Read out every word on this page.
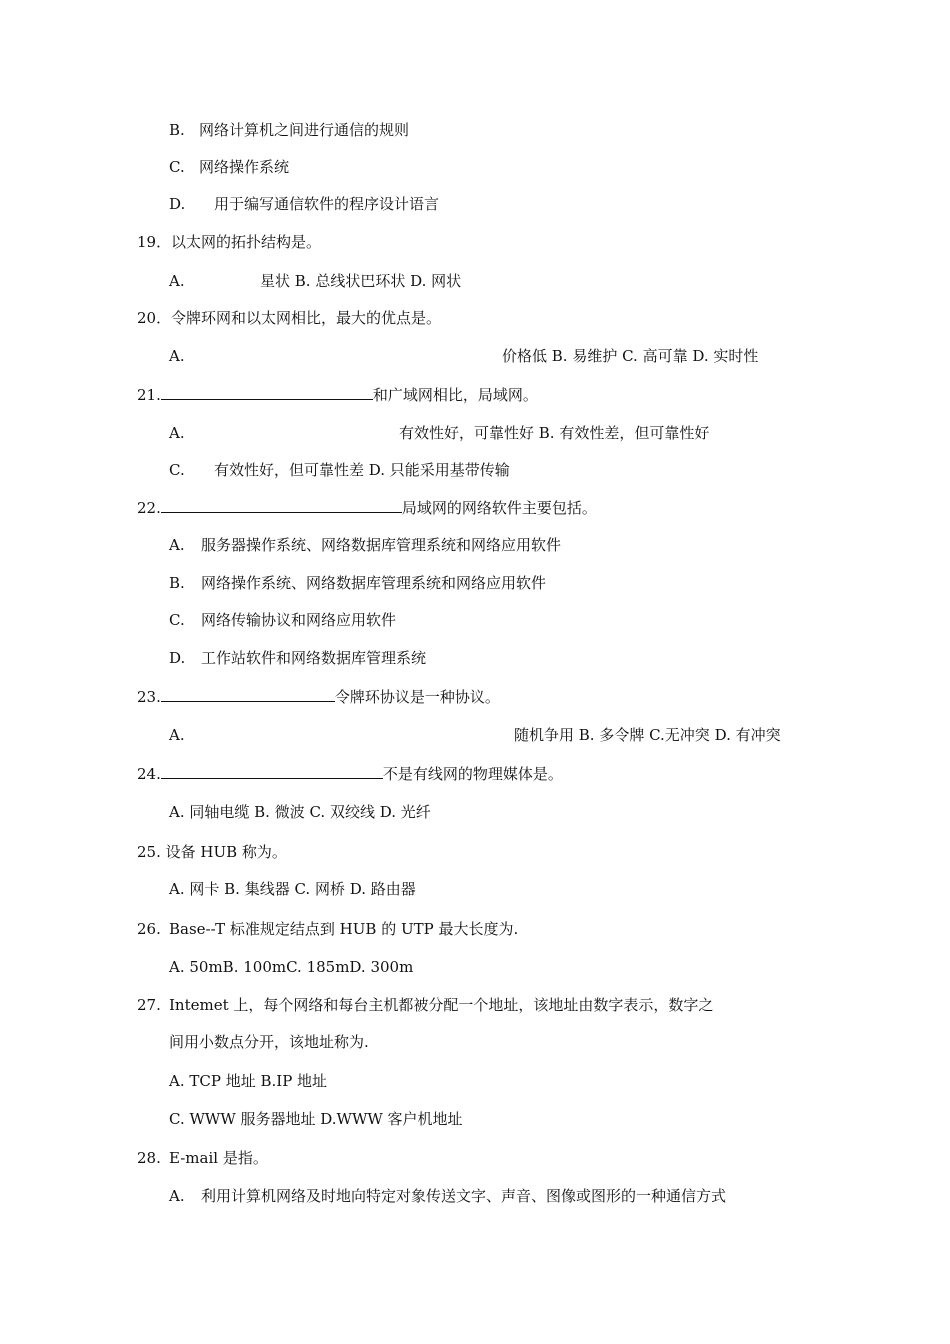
B. 网络计算机之间进行通信的规则
C. 网络操作系统
D. 用于编写通信软件的程序设计语言
19．以太网的拓扑结构是。
A.	星状 B. 总线状巴环状 D. 网状
20．令牌环网和以太网相比，最大的优点是。
A.	价格低 B. 易维护 C. 高可靠 D. 实时性
21.	和广域网相比，局域网。
A.	有效性好，可靠性好 B. 有效性差，但可靠性好
C. 有效性好，但可靠性差 D. 只能采用基带传输
22.	局域网的网络软件主要包括。
A. 服务器操作系统、网络数据库管理系统和网络应用软件
B. 网络操作系统、网络数据库管理系统和网络应用软件
C. 网络传输协议和网络应用软件
D. 工作站软件和网络数据库管理系统
23.	令牌环协议是一种协议。
A.	随机争用 B. 多令牌 C.无冲突 D. 有冲突
24.	不是有线网的物理媒体是。
A. 同轴电缆 B. 微波 C. 双绞线 D. 光纤
25. 设备 HUB 称为。
A. 网卡 B. 集线器 C. 网桥 D. 路由器
26. Base--T 标准规定结点到 HUB 的 UTP 最大长度为.
A. 50mB. 100mC. 185mD. 300m
27. Intemet 上，每个网络和每台主机都被分配一个地址，该地址由数字表示，数字之
间用小数点分开，该地址称为.
A. TCP 地址 B.IP 地址
C. WWW 服务器地址 D.WWW 客户机地址
28. E-mail 是指。
A. 利用计算机网络及时地向特定对象传送文字、声音、图像或图形的一种通信方式
